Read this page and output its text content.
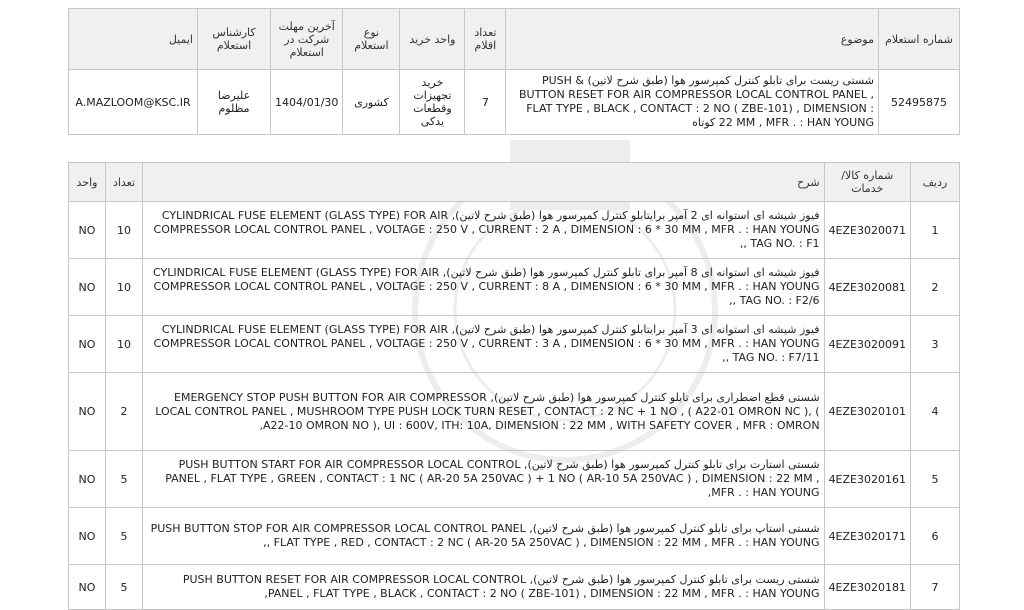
شماره استعلام	موضوع	تعداد اقلام	واحد خرید	نوع استعلام	آخرین مهلت شرکت در استعلام	کارشناس استعلام	ایمیل
52495875	شستی ریست برای تابلو کنترل کمپرسور هوا (طبق شرح لاتین) PUSH & BUTTON RESET FOR AIR COMPRESSOR LOCAL CONTROL PANEL , FLAT TYPE , BLACK , CONTACT : 2 NO ( ZBE-101) , DIMENSION : 22 MM , MFR . : HAN YOUNG کوتاه	7	خرید تجهیزات وقطعات یدکی	کشوری	1404/01/30	علیرضا مظلوم	A.MAZLOOM@KSC.IR
ردیف	شماره کالا/خدمات	شرح	تعداد	واحد
1	4EZE3020071	فیوز شیشه ای استوانه ای 2 آمپر برایتابلو کنترل کمپرسور هوا (طبق شرح لاتین), CYLINDRICAL FUSE ELEMENT (GLASS TYPE) FOR AIR COMPRESSOR LOCAL CONTROL PANEL , VOLTAGE : 250 V , CURRENT : 2 A , DIMENSION : 6 * 30 MM , MFR . : HAN YOUNG , TAG NO. : F1,	10	NO
2	4EZE3020081	فیوز شیشه ای استوانه ای 8 آمپر برای تابلو کنترل کمپرسور هوا (طبق شرح لاتین), CYLINDRICAL FUSE ELEMENT (GLASS TYPE) FOR AIR COMPRESSOR LOCAL CONTROL PANEL , VOLTAGE : 250 V , CURRENT : 8 A , DIMENSION : 6 * 30 MM , MFR . : HAN YOUNG , TAG NO. : F2/6,	10	NO
3	4EZE3020091	فیوز شیشه ای استوانه ای 3 آمپر برایتابلو کنترل کمپرسور هوا (طبق شرح لاتین), CYLINDRICAL FUSE ELEMENT (GLASS TYPE) FOR AIR COMPRESSOR LOCAL CONTROL PANEL , VOLTAGE : 250 V , CURRENT : 3 A , DIMENSION : 6 * 30 MM , MFR . : HAN YOUNG , TAG NO. : F7/11,	10	NO
4	4EZE3020101	شستی قطع اضطراری برای تابلو کنترل کمپرسور هوا (طبق شرح لاتین), EMERGENCY STOP PUSH BUTTON FOR AIR COMPRESSOR LOCAL CONTROL PANEL , MUSHROOM TYPE PUSH LOCK TURN RESET , CONTACT : 2 NC + 1 NO , ( A22-01 OMRON NC ), ( A22-10 OMRON NO ), UI : 600V, ITH: 10A, DIMENSION : 22 MM , WITH SAFETY COVER , MFR : OMRON,	2	NO
5	4EZE3020161	شستی استارت برای تابلو کنترل کمپرسور هوا (طبق شرح لاتین), PUSH BUTTON START FOR AIR COMPRESSOR LOCAL CONTROL PANEL , FLAT TYPE , GREEN , CONTACT : 1 NC ( AR-20 5A 250VAC ) + 1 NO ( AR-10 5A 250VAC ) , DIMENSION : 22 MM , MFR . : HAN YOUNG,	5	NO
6	4EZE3020171	شستی استاپ برای تابلو کنترل کمپرسور هوا (طبق شرح لاتین), PUSH BUTTON STOP FOR AIR COMPRESSOR LOCAL CONTROL PANEL , FLAT TYPE , RED , CONTACT : 2 NC ( AR-20 5A 250VAC ) , DIMENSION : 22 MM , MFR . : HAN YOUNG,	5	NO
7	4EZE3020181	شستی ریست برای تابلو کنترل کمپرسور هوا (طبق شرح لاتین), PUSH BUTTON RESET FOR AIR COMPRESSOR LOCAL CONTROL PANEL , FLAT TYPE , BLACK , CONTACT : 2 NO ( ZBE-101) , DIMENSION : 22 MM , MFR . : HAN YOUNG,	5	NO
